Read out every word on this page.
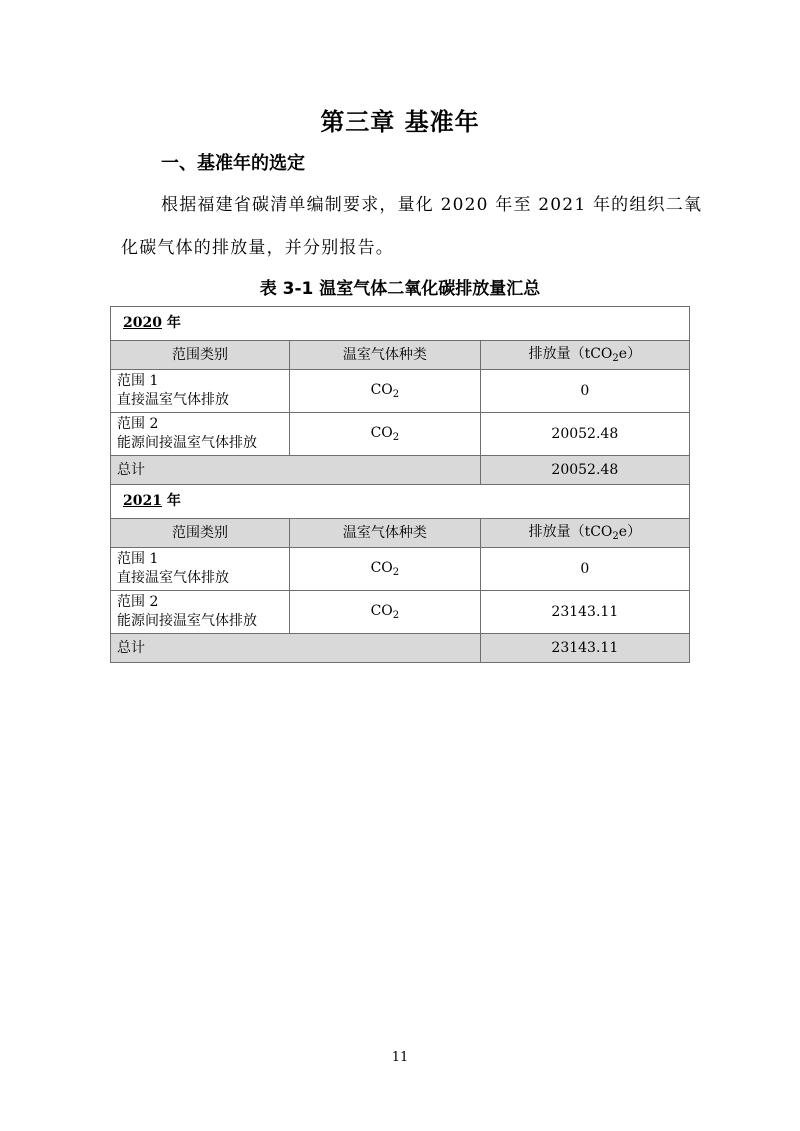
第三章 基准年
一、基准年的选定
根据福建省碳清单编制要求，量化 2020 年至 2021 年的组织二氧
化碳气体的排放量，并分别报告。
表 3-1 温室气体二氧化碳排放量汇总
2020 年		
范围类别	温室气体种类	排放量（tCO$_2$e）

范围 1
直接温室气体排放	$CO_2$	0

范围 2
能源间接温室气体排放	$CO_2$	20052.48
总计		20052.48
2021 年		
范围类别	温室气体种类	排放量（tCO$_2$e）

范围 1
直接温室气体排放	$CO_2$	0

范围 2
能源间接温室气体排放	$CO_2$	23143.11
总计		23143.11
11
